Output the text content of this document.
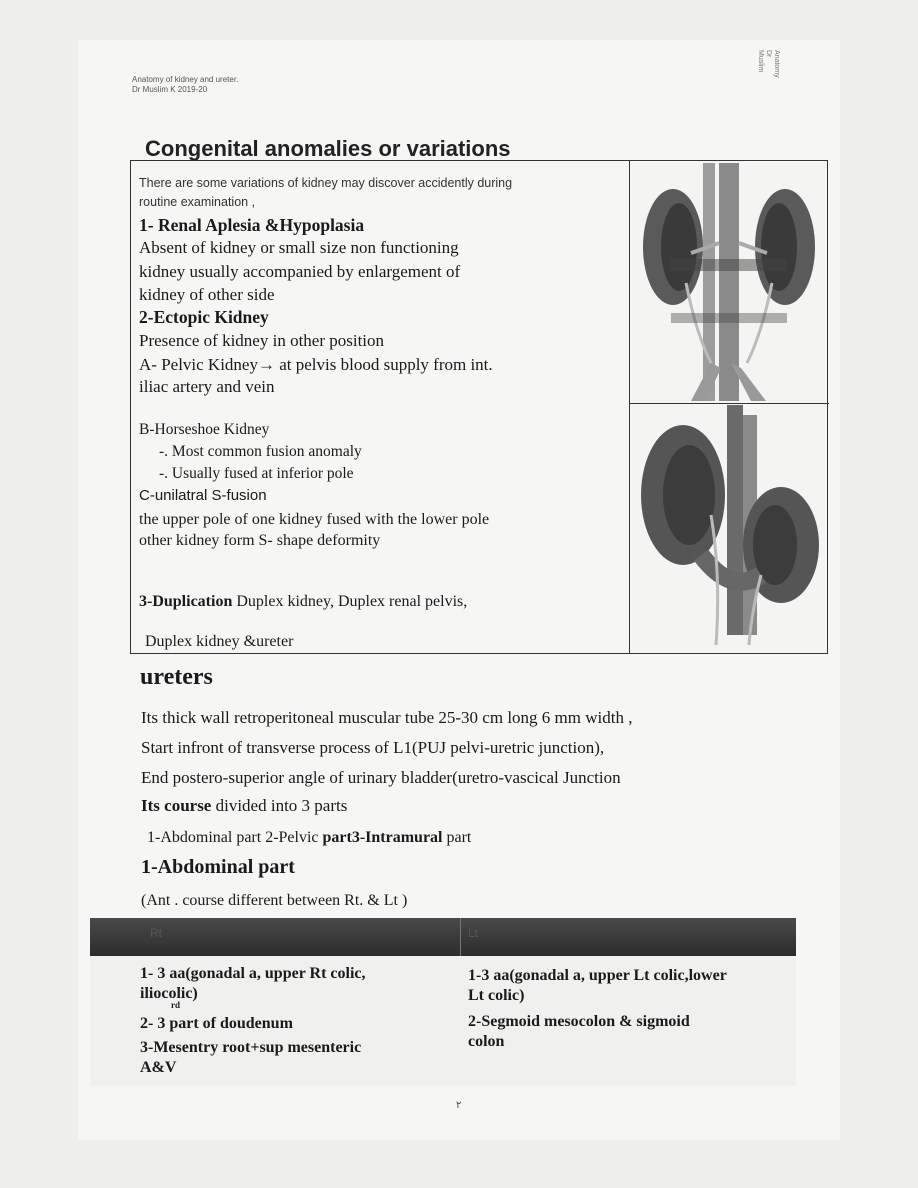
Anatomy of kidney and ureter.
Dr Muslim K 2019-20
Anatomy Dr Muslim
Congenital anomalies or variations
There are some variations of kidney may discover accidently during
routine examination ,
1- Renal Aplesia &Hypoplasia
Absent of kidney or small size non functioning
kidney usually accompanied by enlargement of
kidney of other side
2-Ectopic Kidney
Presence of kidney in other position
A- Pelvic Kidney→ at pelvis blood supply from int.
iliac artery and vein
B-Horseshoe Kidney
-. Most common fusion anomaly
-. Usually fused at inferior pole
C-unilatral S-fusion
the upper pole of one kidney fused with the lower pole
other kidney form S- shape deformity
3-Duplication Duplex kidney, Duplex renal pelvis,
Duplex kidney &ureter
ureters
Its thick wall retroperitoneal muscular tube 25-30 cm long 6 mm width ,
Start infront of transverse process of L1(PUJ pelvi-uretric junction),
End postero-superior angle of urinary bladder(uretro-vascical Junction
Its course divided into 3 parts
1-Abdominal part 2-Pelvic part3-Intramural part
1-Abdominal part
(Ant . course different between Rt. & Lt )
Rt	Lt
1- 3 aa(gonadal a, upper Rt colic,
iliocolic)
rd
2- 3 part of doudenum
3-Mesentry root+sup mesenteric
A&V
1-3 aa(gonadal a, upper Lt colic,lower
Lt colic)
2-Segmoid mesocolon & sigmoid
colon
٢
